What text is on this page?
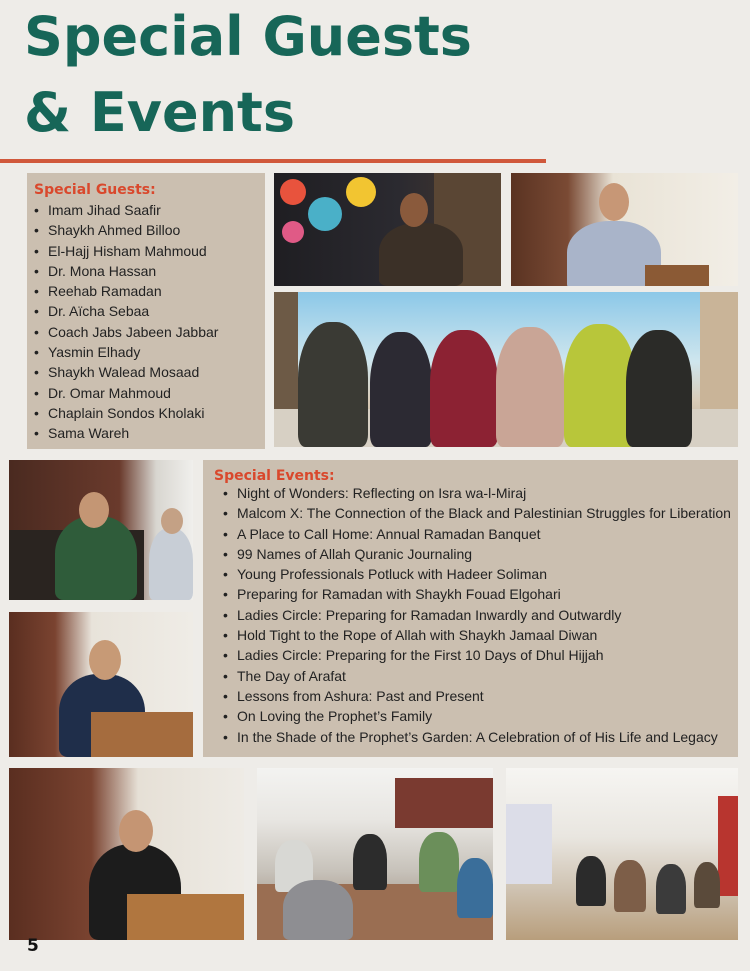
Special Guests
& Events
Special Guests:
• Imam Jihad Saafir
• Shaykh Ahmed Billoo
• El-Hajj Hisham Mahmoud
• Dr. Mona Hassan
• Reehab Ramadan
• Dr. Aïcha Sebaa
• Coach Jabs Jabeen Jabbar
• Yasmin Elhady
• Shaykh Walead Mosaad
• Dr. Omar Mahmoud
• Chaplain Sondos Kholaki
• Sama Wareh
Special Events:
• Night of Wonders: Reflecting on Isra wa-l-Miraj
• Malcom X: The Connection of the Black and Palestinian Struggles for Liberation
• A Place to Call Home: Annual Ramadan Banquet
• 99 Names of Allah Quranic Journaling
• Young Professionals Potluck with Hadeer Soliman
• Preparing for Ramadan with Shaykh Fouad Elgohari
• Ladies Circle: Preparing for Ramadan Inwardly and Outwardly
• Hold Tight to the Rope of Allah with Shaykh Jamaal Diwan
• Ladies Circle: Preparing for the First 10 Days of Dhul Hijjah
• The Day of Arafat
• Lessons from Ashura: Past and Present
• On Loving the Prophet’s Family
• In the Shade of the Prophet’s Garden: A Celebration of of His Life and Legacy

5
